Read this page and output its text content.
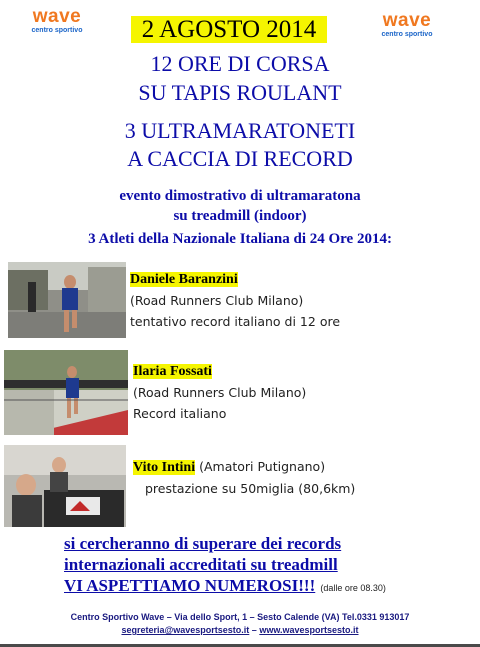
wave
centro sportivo	wave
centro sportivo
2 AGOSTO 2014
12 ORE DI CORSA
SU TAPIS ROULANT
3 ULTRAMARATONETI
A CACCIA DI RECORD
evento dimostrativo di ultramaratona
su treadmill (indoor)
3 Atleti della Nazionale Italiana di 24 Ore 2014:
Daniele Baranzini
(Road Runners Club Milano)
tentativo record italiano di 12 ore
Ilaria Fossati
(Road Runners Club Milano)
Record italiano
Vito Intini (Amatori Putignano)
prestazione su 50miglia (80,6km)
si cercheranno di superare dei records
internazionali accreditati su treadmill
VI ASPETTIAMO NUMEROSI!!! (dalle ore 08.30)
Centro Sportivo Wave – Via dello Sport, 1 – Sesto Calende (VA) Tel.0331 913017
segreteria@wavesportsesto.it – www.wavesportsesto.it
